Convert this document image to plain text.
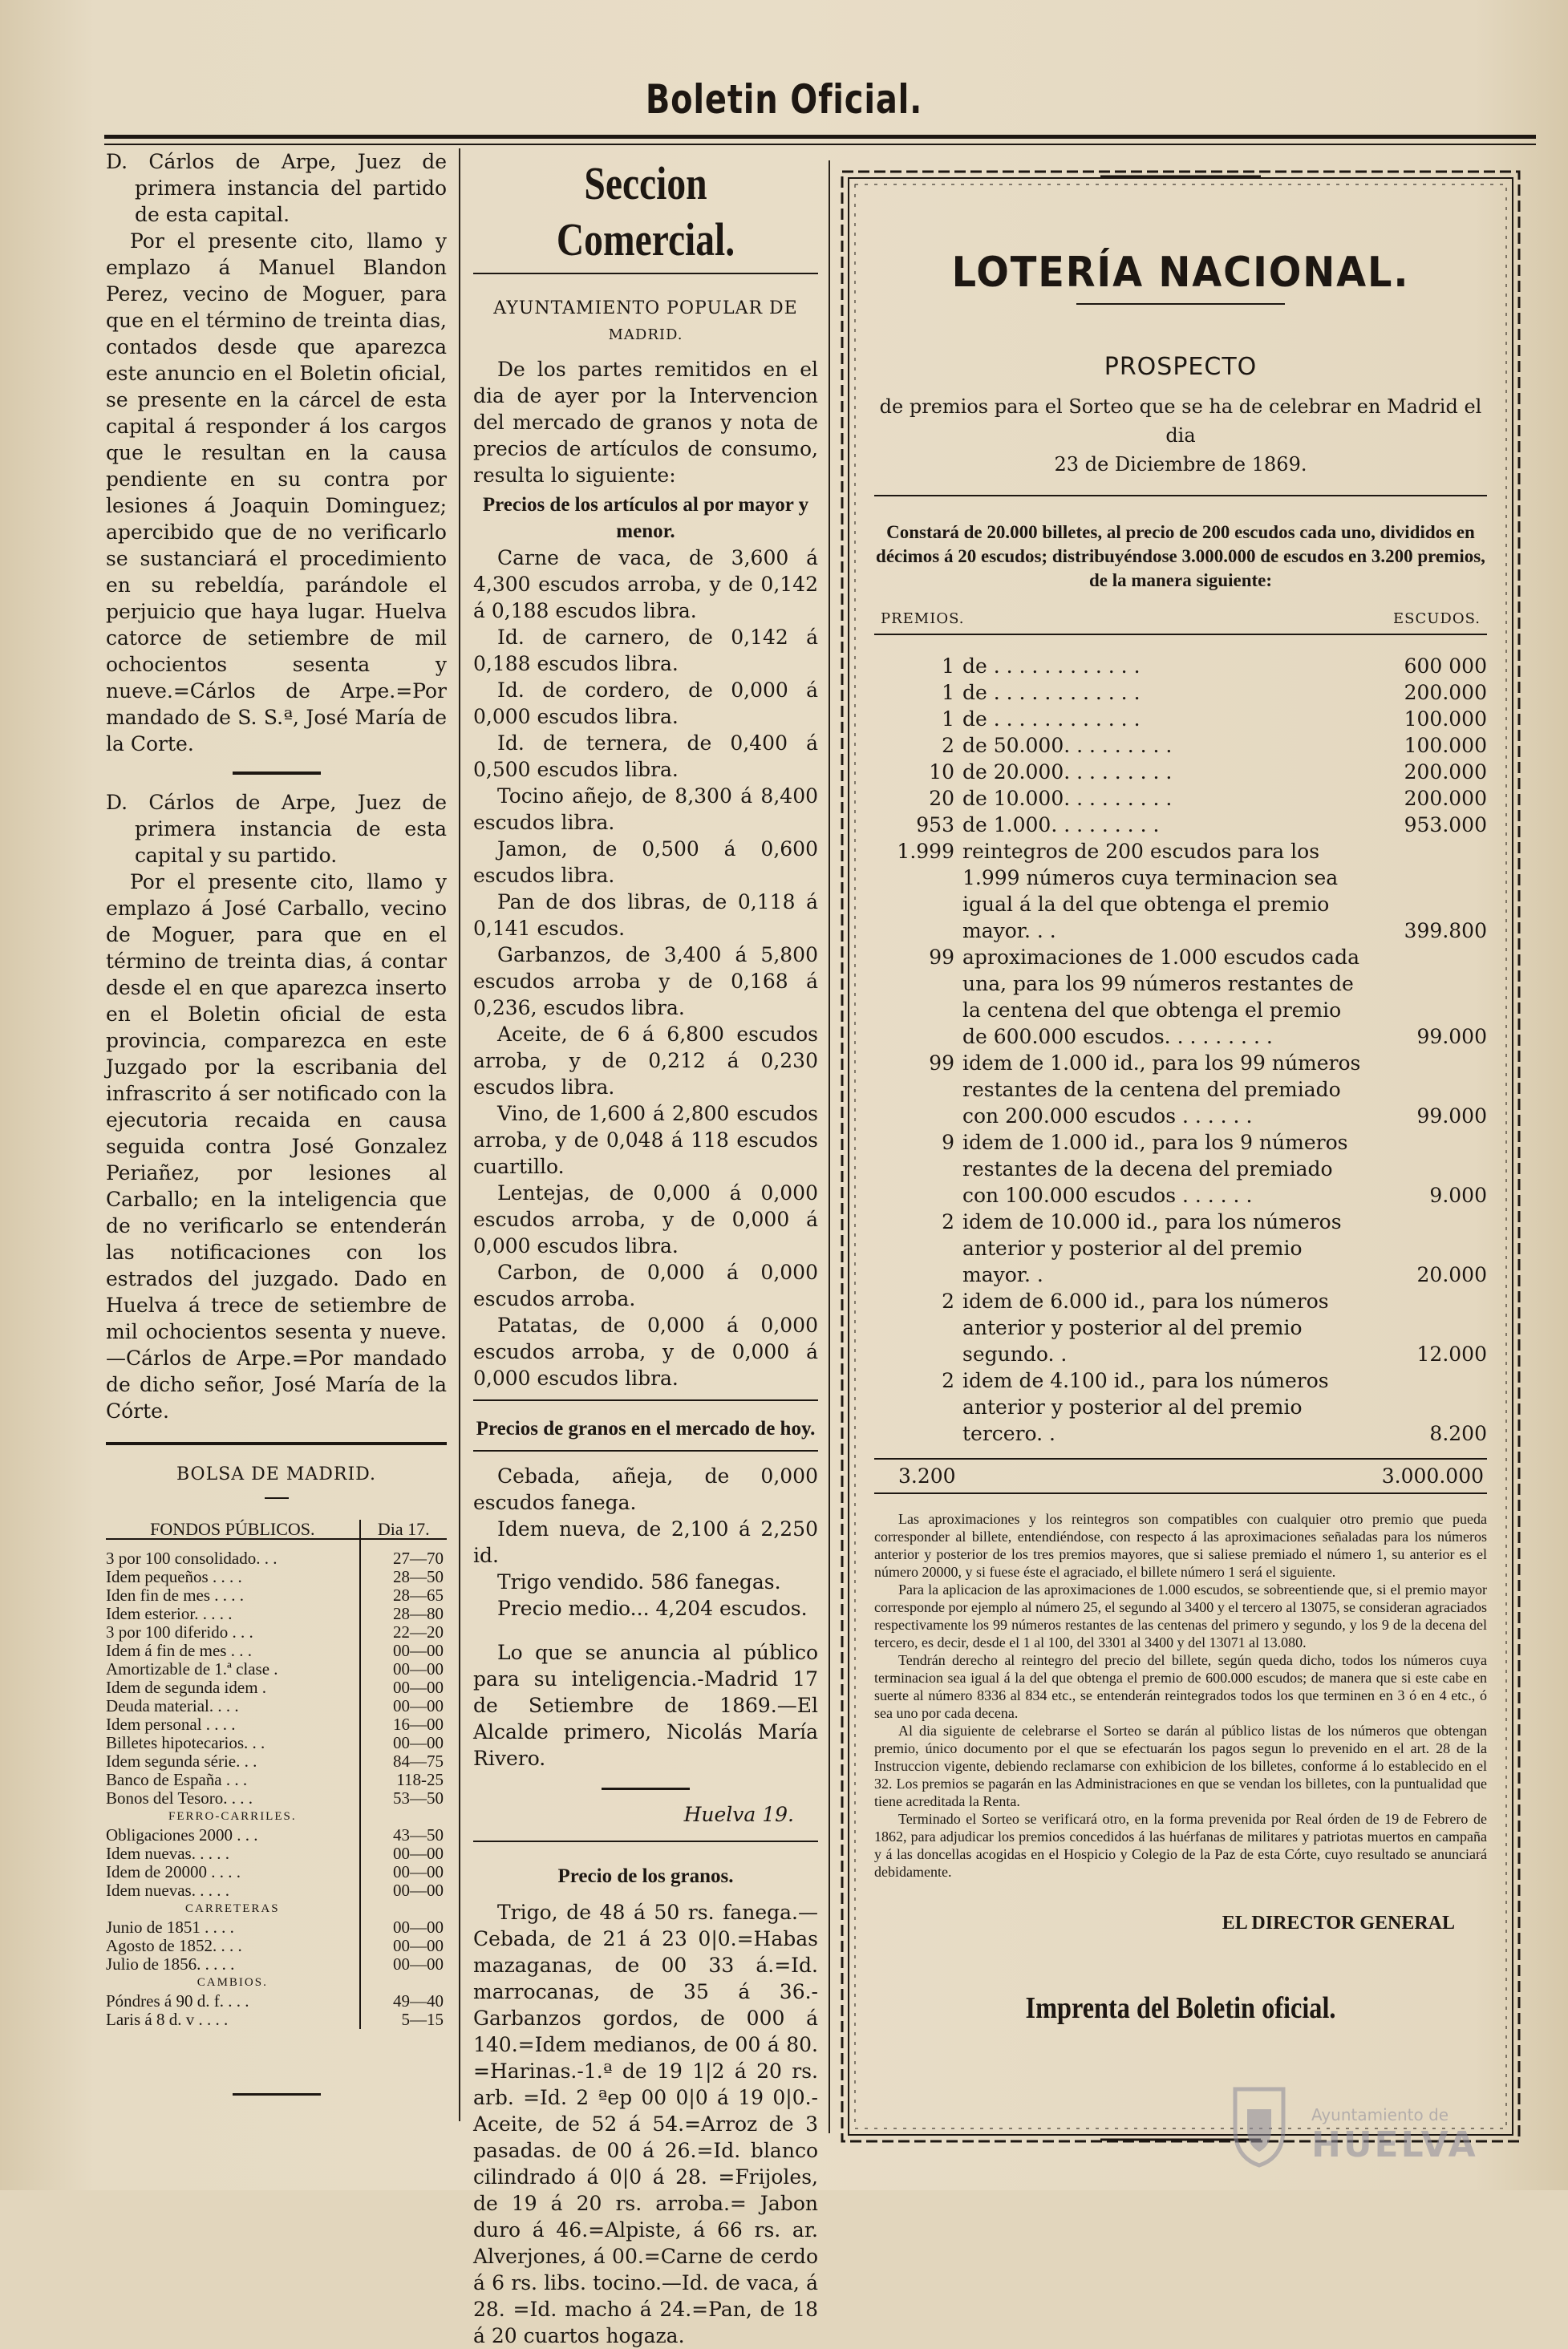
Boletin Oficial.

D. Cárlos de Arpe, Juez de primera instancia del partido de esta capital.

Por el presente cito, llamo y emplazo á Manuel Blandon Perez, vecino de Moguer, para que en el término de treinta dias, contados desde que aparezca este anuncio en el Boletin oficial, se presente en la cárcel de esta capital á responder á los cargos que le resultan en la causa pendiente en su contra por lesiones á Joaquin Dominguez; apercibido que de no verificarlo se sustanciará el procedimiento en su rebeldía, parándole el perjuicio que haya lugar. Huelva catorce de setiembre de mil ochocientos sesenta y nueve.=Cárlos de Arpe.=Por mandado de S. S.ª, José María de la Corte.

D. Cárlos de Arpe, Juez de primera instancia de esta capital y su partido.

Por el presente cito, llamo y emplazo á José Carballo, vecino de Moguer, para que en el término de treinta dias, á contar desde el en que aparezca inserto en el Boletin oficial de esta provincia, comparezca en este Juzgado por la escribania del infrascrito á ser notificado con la ejecutoria recaida en causa seguida contra José Gonzalez Periañez, por lesiones al Carballo; en la inteligencia que de no verificarlo se entenderán las notificaciones con los estrados del juzgado. Dado en Huelva á trece de setiembre de mil ochocientos sesenta y nueve.—Cárlos de Arpe.=Por mandado de dicho señor, José María de la Córte.

BOLSA DE MADRID.

FONDOS PÚBLICOS.	Dia 17.

3 por 100 consolidado. . .	27—70
Idem pequeños . . . .	28—50
Iden fin de mes . . . .	28—65
Idem esterior. . . . .	28—80
3 por 100 diferido . . .	22—20
Idem á fin de mes . . .	00—00
Amortizable de 1.ª clase .	00—00
Idem de segunda idem .	00—00
Deuda material. . . .	00—00
Idem personal . . . .	16—00
Billetes hipotecarios. . .	00—00
Idem segunda série. . .	84—75
Banco de España . . .	118-25
Bonos del Tesoro. . . .	53—50
FERRO-CARRILES.	
Obligaciones 2000 . . .	43—50
Idem nuevas. . . . .	00—00
Idem de 20000 . . . .	00—00
Idem nuevas. . . . .	00—00
CARRETERAS	
Junio de 1851 . . . .	00—00
Agosto de 1852. . . .	00—00
Julio de 1856. . . . .	00—00
CAMBIOS.	
Póndres á 90 d. f. . . .	49—40
Laris á 8 d. v . . . .	5—15
Seccion Comercial.

AYUNTAMIENTO POPULAR DE

MADRID.

De los partes remitidos en el dia de ayer por la Intervencion del mercado de granos y nota de precios de artículos de consumo, resulta lo siguiente:

Precios de los artículos al por mayor y menor.

Carne de vaca, de 3,600 á 4,300 escudos arroba, y de 0,142 á 0,188 escudos libra.

Id. de carnero, de 0,142 á 0,188 escudos libra.

Id. de cordero, de 0,000 á 0,000 escudos libra.

Id. de ternera, de 0,400 á 0,500 escudos libra.

Tocino añejo, de 8,300 á 8,400 escudos libra.

Jamon, de 0,500 á 0,600 escudos libra.

Pan de dos libras, de 0,118 á 0,141 escudos.

Garbanzos, de 3,400 á 5,800 escudos arroba y de 0,168 á 0,236, escudos libra.

Aceite, de 6 á 6,800 escudos arroba, y de 0,212 á 0,230 escudos libra.

Vino, de 1,600 á 2,800 escudos arroba, y de 0,048 á 118 escudos cuartillo.

Lentejas, de 0,000 á 0,000 escudos arroba, y de 0,000 á 0,000 escudos libra.

Carbon, de 0,000 á 0,000 escudos arroba.

Patatas, de 0,000 á 0,000 escudos arroba, y de 0,000 á 0,000 escudos libra.

Precios de granos en el mercado de hoy.

Cebada, añeja, de 0,000 escudos fanega.

Idem nueva, de 2,100 á 2,250 id.

Trigo vendido. 586 fanegas.

Precio medio... 4,204 escudos.

Lo que se anuncia al público para su inteligencia.-Madrid 17 de Setiembre de 1869.—El Alcalde primero, Nicolás María Rivero.

Huelva 19.

Precio de los granos.

Trigo, de 48 á 50 rs. fanega.—Cebada, de 21 á 23 0|0.=Habas mazaganas, de 00 33 á.=Id. marrocanas, de 35 á 36.-Garbanzos gordos, de 000 á 140.=Idem medianos, de 00 á 80. =Harinas.-1.ª de 19 1|2 á 20 rs. arb. =Id. 2 ªep 00 0|0 á 19 0|0.-Aceite, de 52 á 54.=Arroz de 3 pasadas. de 00 á 26.=Id. blanco cilindrado á 0|0 á 28. =Frijoles, de 19 á 20 rs. arroba.= Jabon duro á 46.=Alpiste, á 66 rs. ar. Alverjones, á 00.=Carne de cerdo á 6 rs. libs. tocino.—Id. de vaca, á 28. =Id. macho á 24.=Pan, de 18 á 20 cuartos hogaza.

LOTERÍA NACIONAL.
PROSPECTO

de premios para el Sorteo que se ha de celebrar en Madrid el dia

23 de Diciembre de 1869.

Constará de 20.000 billetes, al precio de 200 escudos cada uno, divididos en décimos á 20 escudos; distribuyéndose 3.000.000 de escudos en 3.200 premios, de la manera siguiente:

PREMIOS.	ESCUDOS.
1	de . . . . . . . . . . . .	600 000
1	de . . . . . . . . . . . .	200.000
1	de . . . . . . . . . . . .	100.000
2	de 50.000. . . . . . . . .	100.000
10	de 20.000. . . . . . . . .	200.000
20	de 10.000. . . . . . . . .	200.000
953	de 1.000. . . . . . . . .	953.000
1.999	reintegros de 200 escudos para los 1.999 números cuya terminacion sea igual á la del que obtenga el premio mayor. . .	399.800
99	aproximaciones de 1.000 escudos cada una, para los 99 números restantes de la centena del que obtenga el premio de 600.000 escudos. . . . . . . . .	99.000
99	idem de 1.000 id., para los 99 números restantes de la centena del premiado con 200.000 escudos . . . . . .	99.000
9	idem de 1.000 id., para los 9 números restantes de la decena del premiado con 100.000 escudos . . . . . .	9.000
2	idem de 10.000 id., para los números anterior y posterior al del premio mayor. .	20.000
2	idem de 6.000 id., para los números anterior y posterior al del premio segundo. .	12.000
2	idem de 4.100 id., para los números anterior y posterior al del premio tercero. .	8.200
3.200	3.000.000

Las aproximaciones y los reintegros son compatibles con cualquier otro premio que pueda corresponder al billete, entendiéndose, con respecto á las aproximaciones señaladas para los números anterior y posterior de los tres premios mayores, que si saliese premiado el número 1, su anterior es el número 20000, y si fuese éste el agraciado, el billete número 1 será el siguiente.

Para la aplicacion de las aproximaciones de 1.000 escudos, se sobreentiende que, si el premio mayor corresponde por ejemplo al número 25, el segundo al 3400 y el tercero al 13075, se consideran agraciados respectivamente los 99 números restantes de las centenas del primero y segundo, y los 9 de la decena del tercero, es decir, desde el 1 al 100, del 3301 al 3400 y del 13071 al 13.080.

Tendrán derecho al reintegro del precio del billete, según queda dicho, todos los números cuya terminacion sea igual á la del que obtenga el premio de 600.000 escudos; de manera que si este cabe en suerte al número 8336 al 834 etc., se entenderán reintegrados todos los que terminen en 3 ó en 4 etc., ó sea uno por cada decena.

Al dia siguiente de celebrarse el Sorteo se darán al público listas de los números que obtengan premio, único documento por el que se efectuarán los pagos segun lo prevenido en el art. 28 de la Instruccion vigente, debiendo reclamarse con exhibicion de los billetes, conforme á lo establecido en el 32. Los premios se pagarán en las Administraciones en que se vendan los billetes, con la puntualidad que tiene acreditada la Renta.

Terminado el Sorteo se verificará otro, en la forma prevenida por Real órden de 19 de Febrero de 1862, para adjudicar los premios concedidos á las huérfanas de militares y patriotas muertos en campaña y á las doncellas acogidas en el Hospicio y Colegio de la Paz de esta Córte, cuyo resultado se anunciará debidamente.

EL DIRECTOR GENERAL
Imprenta del Boletin oficial.
Ayuntamiento de
HUELVA
